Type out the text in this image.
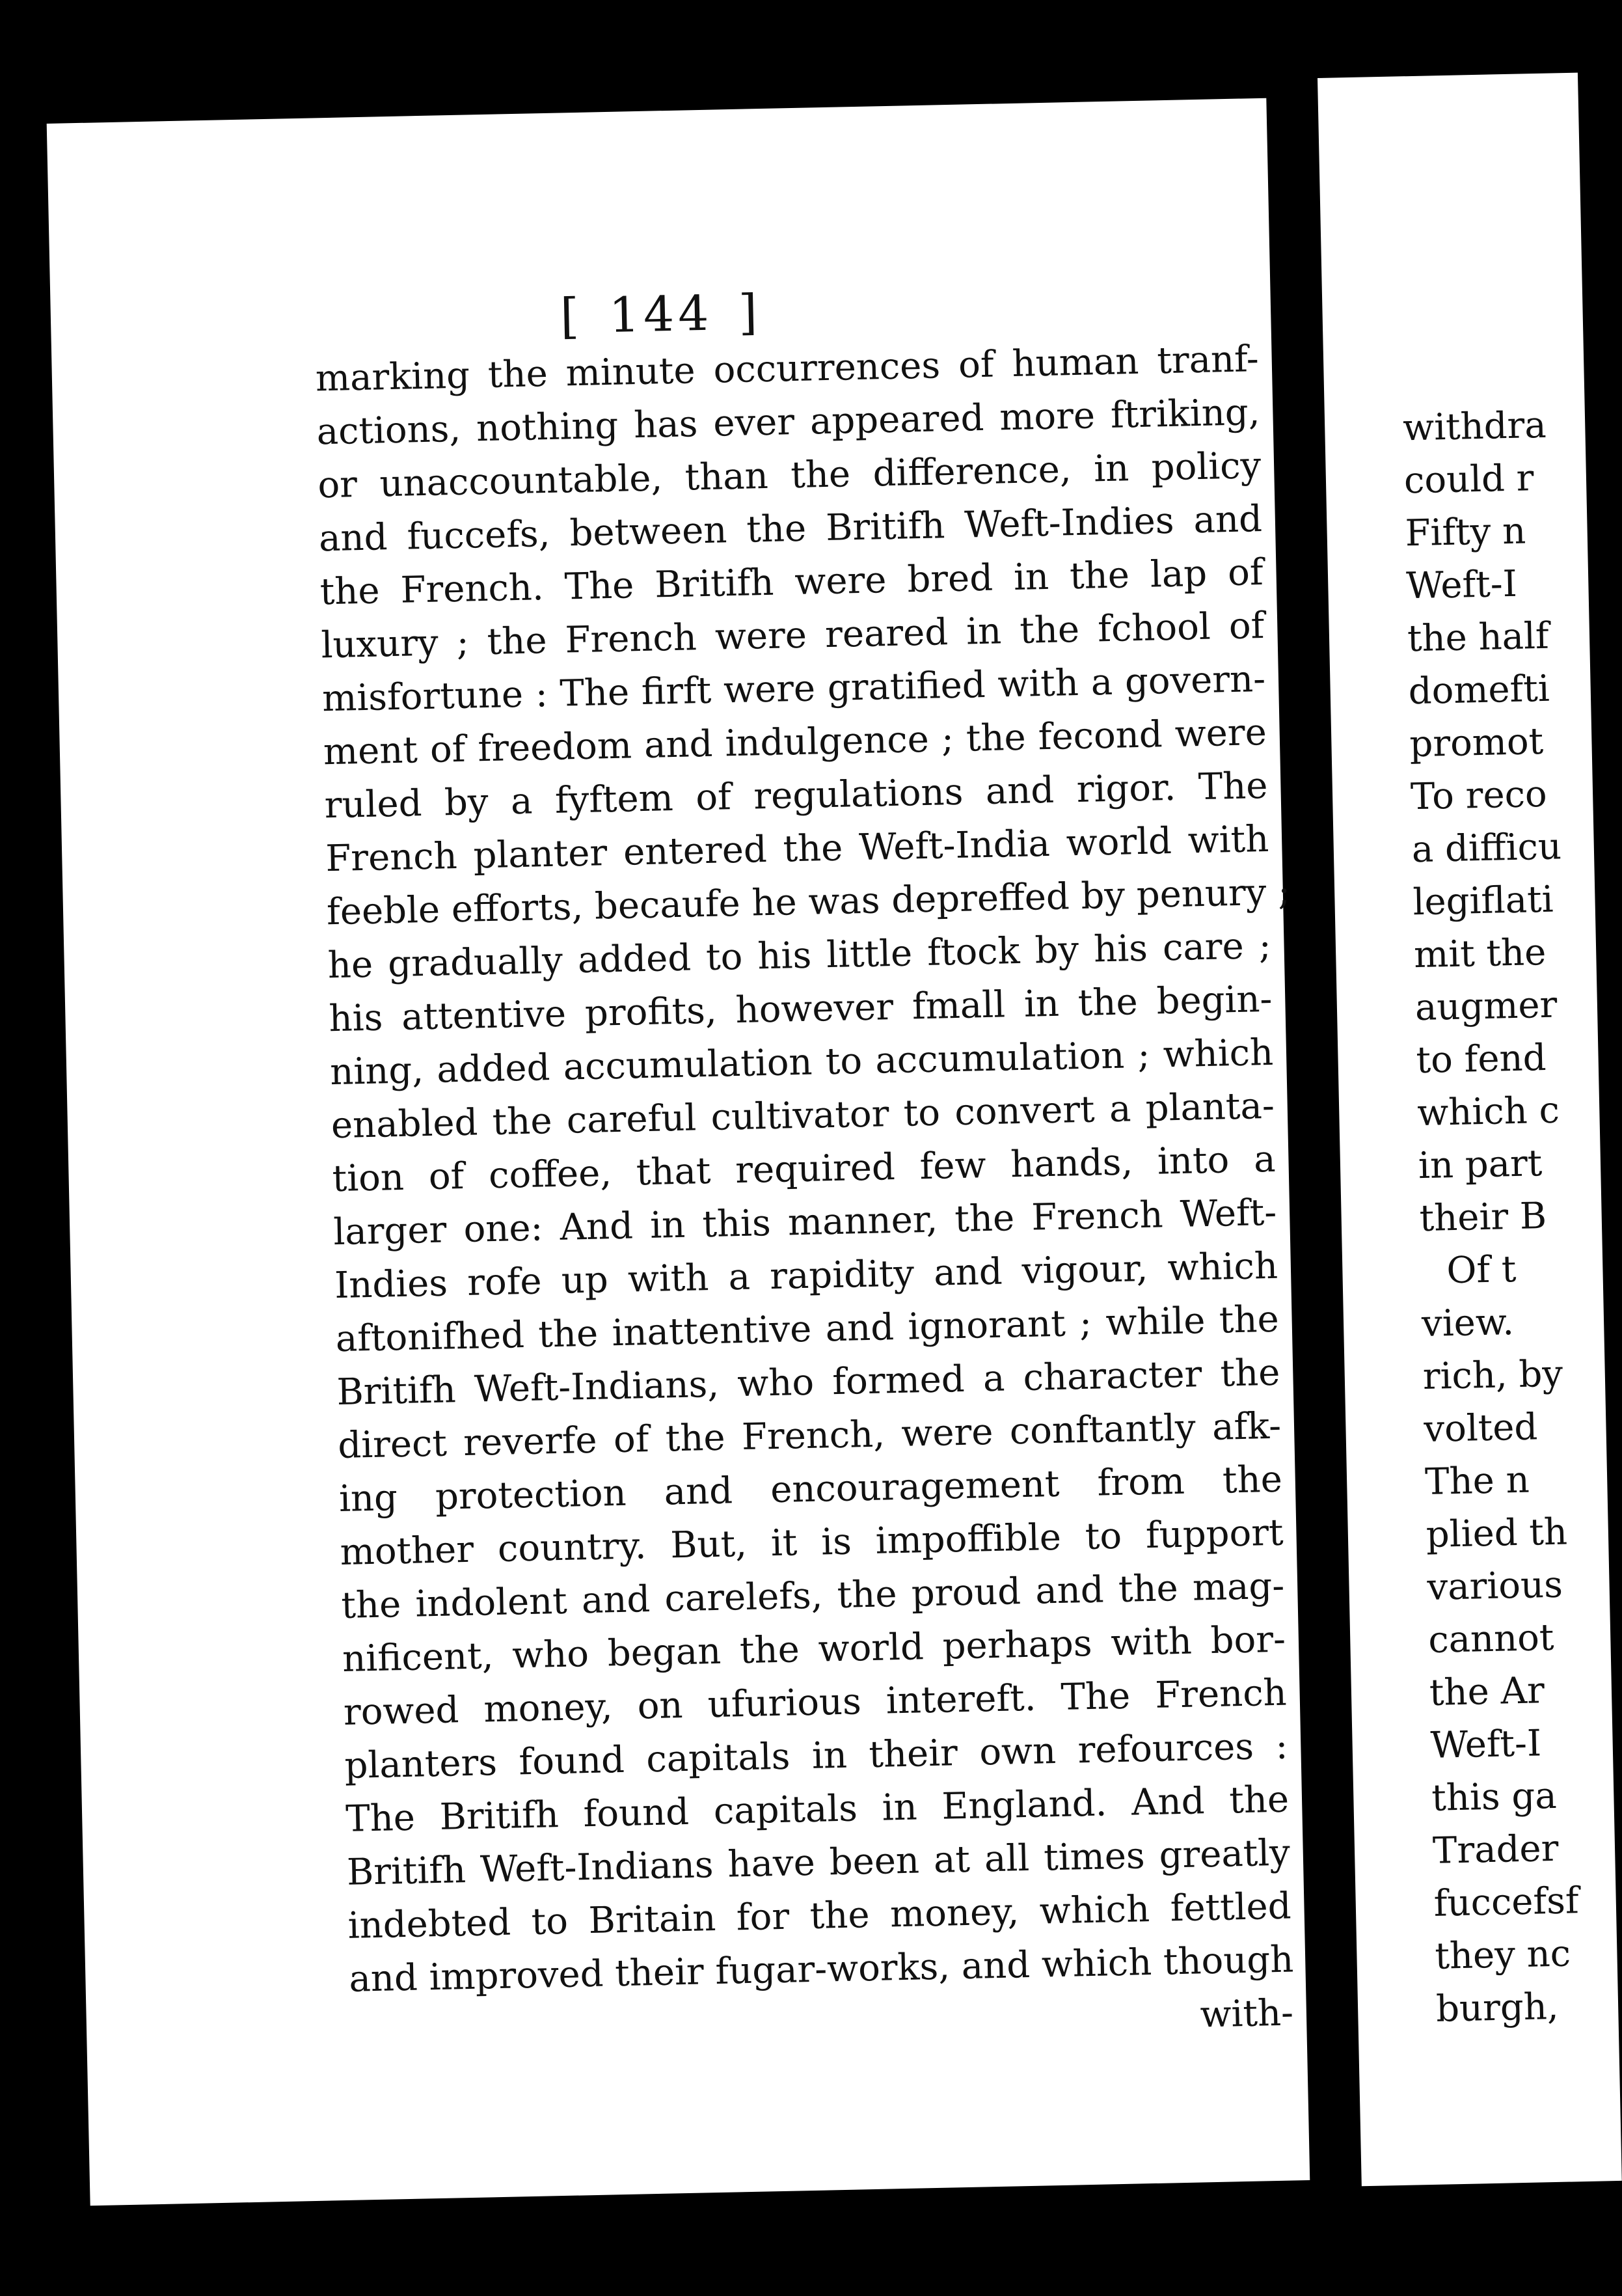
[ 144 ]
marking the minute occurrences of human tranf-
actions, nothing has ever appeared more ftriking,
or unaccountable, than the difference, in policy
and fuccefs, between the Britifh Weft-Indies and
the French. The Britifh were bred in the lap of
luxury ; the French were reared in the fchool of
misfortune : The firft were gratified with a govern-
ment of freedom and indulgence ; the fecond were
ruled by a fyftem of regulations and rigor. The
French planter entered the Weft-India world with
feeble efforts, becaufe he was depreffed by penury ;
he gradually added to his little ftock by his care ;
his attentive profits, however fmall in the begin-
ning, added accumulation to accumulation ; which
enabled the careful cultivator to convert a planta-
tion of coffee, that required few hands, into a
larger one: And in this manner, the French Weft-
Indies rofe up with a rapidity and vigour, which
aftonifhed the inattentive and ignorant ; while the
Britifh Weft-Indians, who formed a character the
direct reverfe of the French, were conftantly afk-
ing protection and encouragement from the
mother country. But, it is impoffible to fupport
the indolent and carelefs, the proud and the mag-
nificent, who began the world perhaps with bor-
rowed money, on ufurious intereft. The French
planters found capitals in their own refources :
The Britifh found capitals in England. And the
Britifh Weft-Indians have been at all times greatly
indebted to Britain for the money, which fettled
and improved their fugar-works, and which though
with-
withdra
could r
Fifty n
Weft-I
the half
domefti
promot
To reco
a difficu
legiflati
mit the
augmer
to fend
which c
in part
their B
Of t
view.
rich, by
volted
The n
plied th
various
cannot
the Ar
Weft-I
this ga
Trader
fuccefsf
they nc
burgh,
